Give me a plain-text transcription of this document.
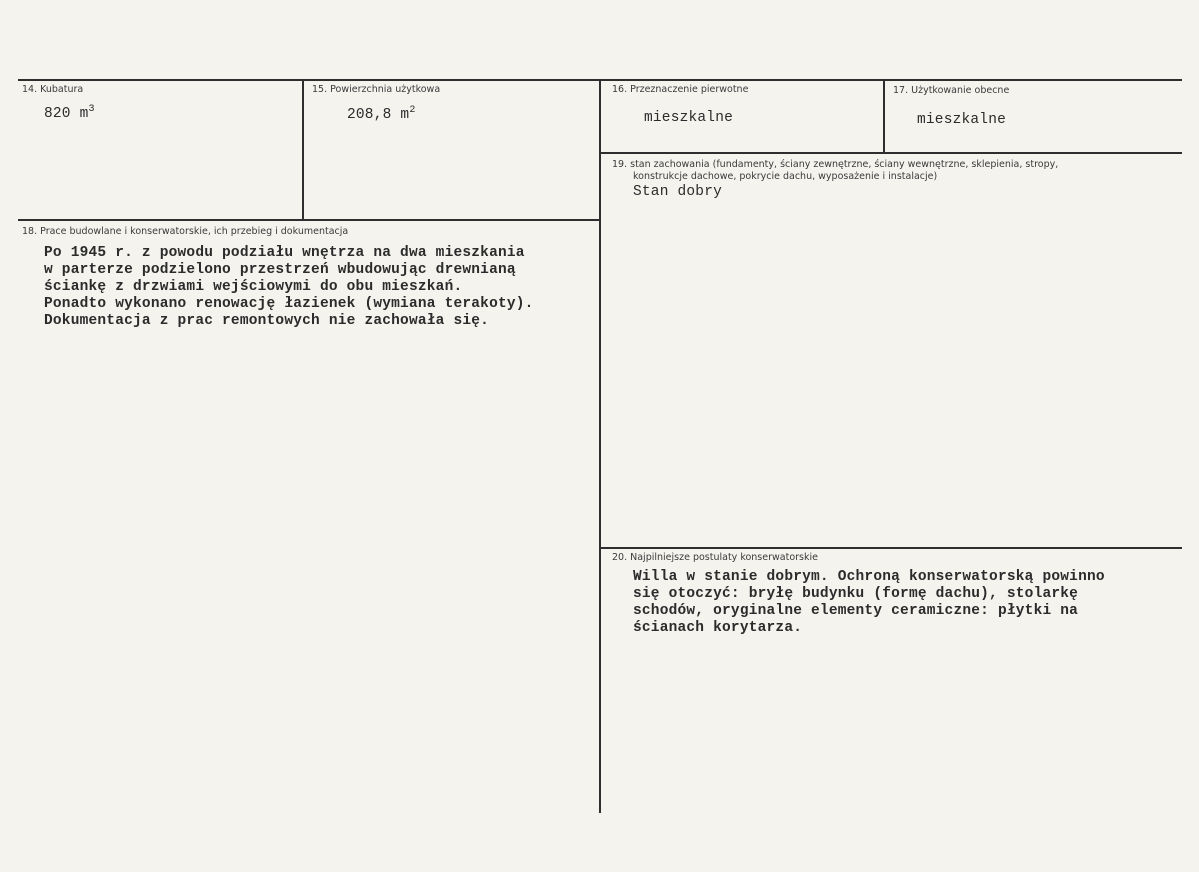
14. Kubatura
820 $m^3$
15. Powierzchnia użytkowa
208,8 $m^2$
16. Przeznaczenie pierwotne
mieszkalne
17. Użytkowanie obecne
mieszkalne
19. stan zachowania (fundamenty, ściany zewnętrzne, ściany wewnętrzne, sklepienia, stropy,
konstrukcje dachowe, pokrycie dachu, wyposażenie i instalacje)
Stan dobry
18. Prace budowlane i konserwatorskie, ich przebieg i dokumentacja
Po 1945 r. z powodu podziału wnętrza na dwa mieszkania
w parterze podzielono przestrzeń wbudowując drewnianą
ściankę z drzwiami wejściowymi do obu mieszkań.
Ponadto wykonano renowację łazienek (wymiana terakoty).
Dokumentacja z prac remontowych nie zachowała się.
20. Najpilniejsze postulaty konserwatorskie
Willa w stanie dobrym. Ochroną konserwatorską powinno
się otoczyć: bryłę budynku (formę dachu), stolarkę
schodów, oryginalne elementy ceramiczne: płytki na
ścianach korytarza.
